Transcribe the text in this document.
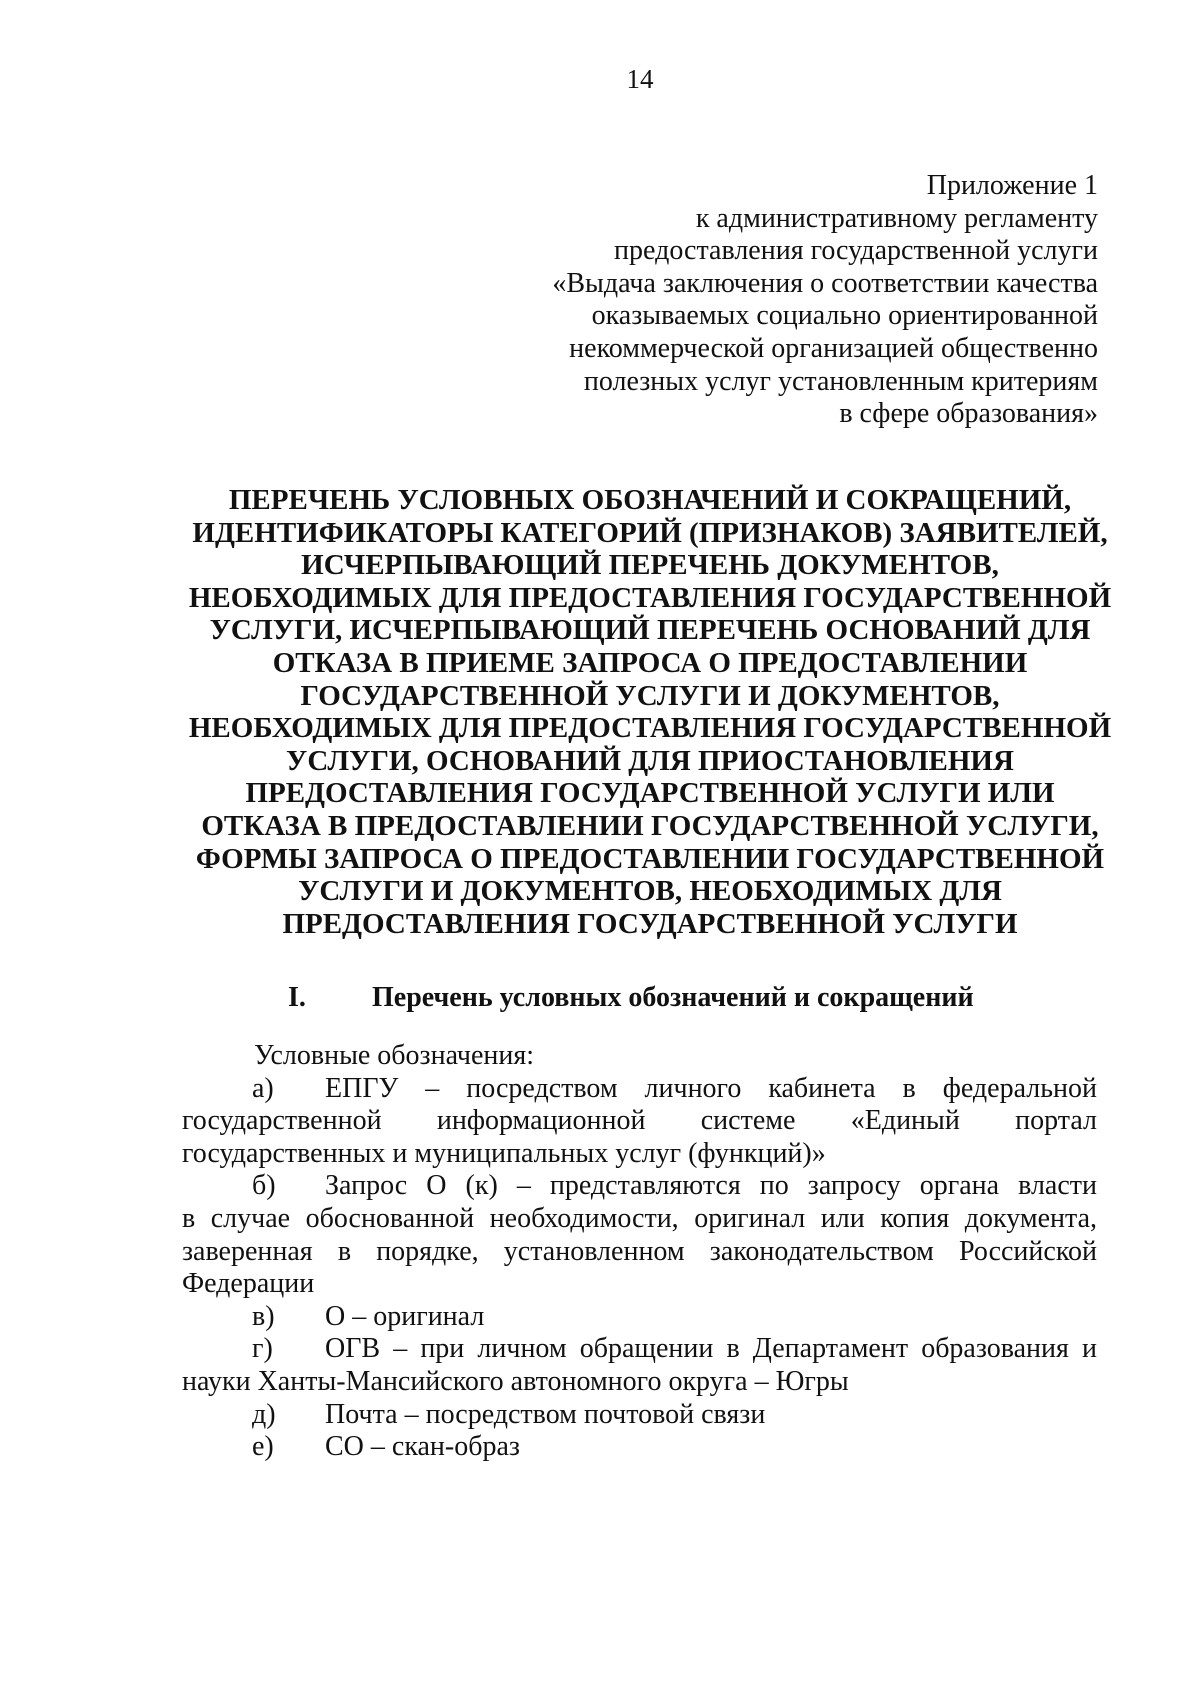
14
Приложение 1
к административному регламенту
предоставления государственной услуги
«Выдача заключения о соответствии качества
оказываемых социально ориентированной
некоммерческой организацией общественно
полезных услуг установленным критериям
в сфере образования»
ПЕРЕЧЕНЬ УСЛОВНЫХ ОБОЗНАЧЕНИЙ И СОКРАЩЕНИЙ,
ИДЕНТИФИКАТОРЫ КАТЕГОРИЙ (ПРИЗНАКОВ) ЗАЯВИТЕЛЕЙ,
ИСЧЕРПЫВАЮЩИЙ ПЕРЕЧЕНЬ ДОКУМЕНТОВ,
НЕОБХОДИМЫХ ДЛЯ ПРЕДОСТАВЛЕНИЯ ГОСУДАРСТВЕННОЙ
УСЛУГИ, ИСЧЕРПЫВАЮЩИЙ ПЕРЕЧЕНЬ ОСНОВАНИЙ ДЛЯ
ОТКАЗА В ПРИЕМЕ ЗАПРОСА О ПРЕДОСТАВЛЕНИИ
ГОСУДАРСТВЕННОЙ УСЛУГИ И ДОКУМЕНТОВ,
НЕОБХОДИМЫХ ДЛЯ ПРЕДОСТАВЛЕНИЯ ГОСУДАРСТВЕННОЙ
УСЛУГИ, ОСНОВАНИЙ ДЛЯ ПРИОСТАНОВЛЕНИЯ
ПРЕДОСТАВЛЕНИЯ ГОСУДАРСТВЕННОЙ УСЛУГИ ИЛИ
ОТКАЗА В ПРЕДОСТАВЛЕНИИ ГОСУДАРСТВЕННОЙ УСЛУГИ,
ФОРМЫ ЗАПРОСА О ПРЕДОСТАВЛЕНИИ ГОСУДАРСТВЕННОЙ
УСЛУГИ И ДОКУМЕНТОВ, НЕОБХОДИМЫХ ДЛЯ
ПРЕДОСТАВЛЕНИЯ ГОСУДАРСТВЕННОЙ УСЛУГИ
I. Перечень условных обозначений и сокращений
Условные обозначения:
а) ЕПГУ – посредством личного кабинета в федеральной
государственной информационной системе «Единый портал
государственных и муниципальных услуг (функций)»
б) Запрос О (к) – представляются по запросу органа власти
в случае обоснованной необходимости, оригинал или копия документа,
заверенная в порядке, установленном законодательством Российской
Федерации
в) О – оригинал
г) ОГВ – при личном обращении в Департамент образования и
науки Ханты-Мансийского автономного округа – Югры
д) Почта – посредством почтовой связи
е) СО – скан-образ
